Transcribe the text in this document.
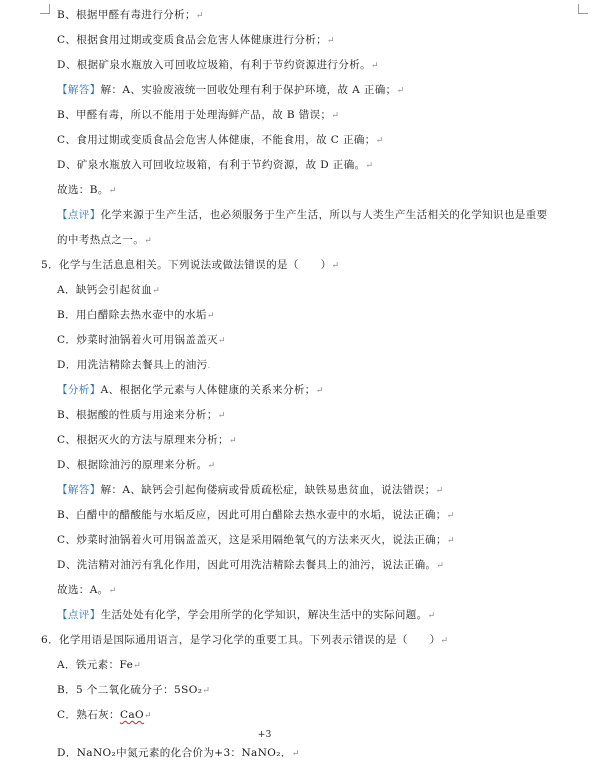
B、根据甲醛有毒进行分析；↵
C、根据食用过期或变质食品会危害人体健康进行分析；↵
D、根据矿泉水瓶放入可回收垃圾箱，有利于节约资源进行分析。↵
【解答】解：A、实验废液统一回收处理有利于保护环境，故 A 正确；↵
B、甲醛有毒，所以不能用于处理海鲜产品，故 B 错误；↵
C、食用过期或变质食品会危害人体健康，不能食用，故 C 正确；↵
D、矿泉水瓶放入可回收垃圾箱，有利于节约资源，故 D 正确。↵
故选：B。↵
【点评】化学来源于生产生活，也必须服务于生产生活，所以与人类生产生活相关的化学知识也是重要
的中考热点之一。↵
5．化学与生活息息相关。下列说法或做法错误的是（　　）↵
A．缺钙会引起贫血↵
B．用白醋除去热水壶中的水垢↵
C．炒菜时油锅着火可用锅盖盖灭↵
D．用洗洁精除去餐具上的油污.
【分析】A、根据化学元素与人体健康的关系来分析；↵
B、根据酸的性质与用途来分析；↵
C、根据灭火的方法与原理来分析；↵
D、根据除油污的原理来分析。↵
【解答】解：A、缺钙会引起佝偻病或骨质疏松症，缺铁易患贫血，说法错误；↵
B、白醋中的醋酸能与水垢反应，因此可用白醋除去热水壶中的水垢，说法正确；↵
C、炒菜时油锅着火可用锅盖盖灭，这是采用隔绝氧气的方法来灭火，说法正确；↵
D、洗洁精对油污有乳化作用，因此可用洗洁精除去餐具上的油污，说法正确。↵
故选：A。↵
【点评】生活处处有化学，学会用所学的化学知识，解决生活中的实际问题。↵
6．化学用语是国际通用语言，是学习化学的重要工具。下列表示错误的是（　　）↵
A．铁元素：Fe↵
B．5 个二氧化硫分子：5SO₂↵
C．熟石灰：CaO↵
D．NaNO₂中氮元素的化合价为+3：Na
+3
NO₂．↵
